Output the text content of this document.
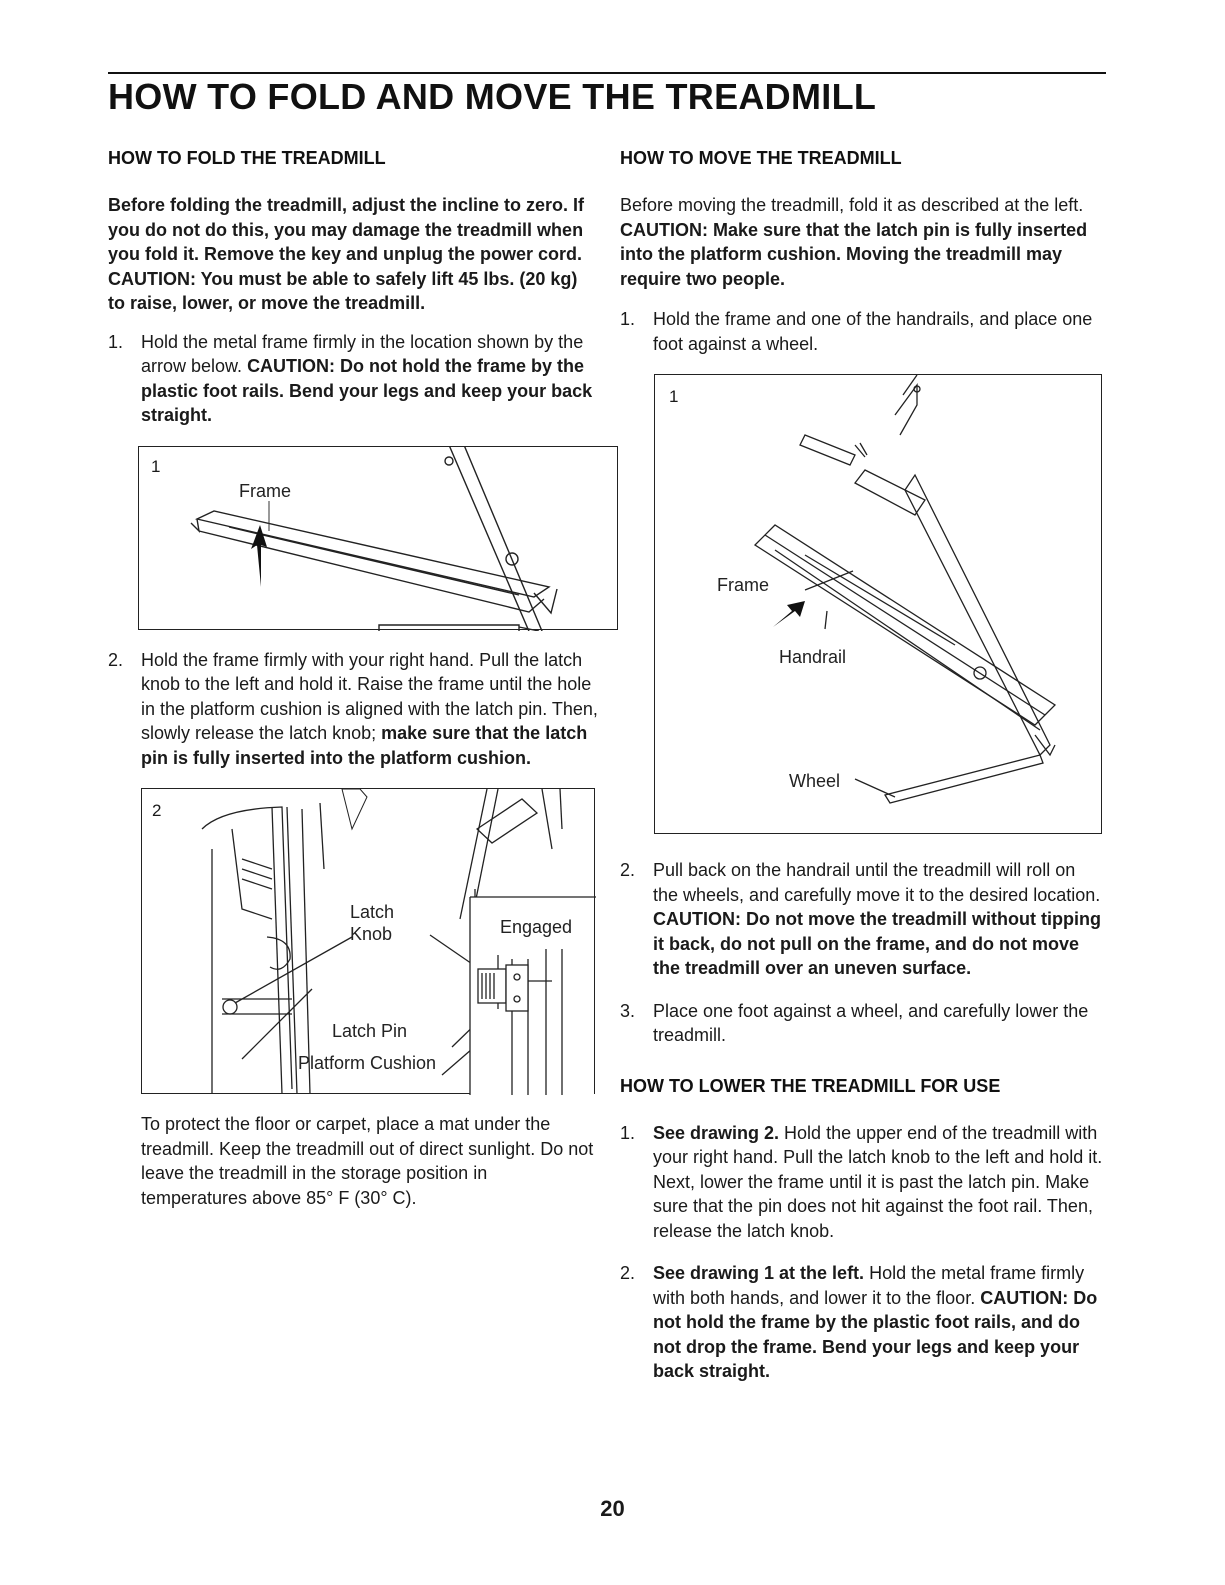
HOW TO FOLD AND MOVE THE TREADMILL
HOW TO FOLD THE TREADMILL

Before folding the treadmill, adjust the incline to zero. If you do not do this, you may damage the treadmill when you fold it. Remove the key and unplug the power cord. CAUTION: You must be able to safely lift 45 lbs. (20 kg) to raise, lower, or move the treadmill.

1. Hold the metal frame firmly in the location shown by the arrow below. CAUTION: Do not hold the frame by the plastic foot rails. Bend your legs and keep your back straight.
1
Frame
2. Hold the frame firmly with your right hand. Pull the latch knob to the left and hold it. Raise the frame until the hole in the platform cushion is aligned with the latch pin. Then, slowly release the latch knob; make sure that the latch pin is fully inserted into the platform cushion.
2
Latch
Knob	Engaged
Latch Pin
Platform Cushion

To protect the floor or carpet, place a mat under the treadmill. Keep the treadmill out of direct sunlight. Do not leave the treadmill in the storage position in temperatures above 85° F (30° C).

HOW TO MOVE THE TREADMILL

Before moving the treadmill, fold it as described at the left. CAUTION: Make sure that the latch pin is fully inserted into the platform cushion. Moving the treadmill may require two people.

1. Hold the frame and one of the handrails, and place one foot against a wheel.
1
Frame
Handrail
Wheel
2. Pull back on the handrail until the treadmill will roll on the wheels, and carefully move it to the desired location. CAUTION: Do not move the treadmill without tipping it back, do not pull on the frame, and do not move the treadmill over an uneven surface.
3. Place one foot against a wheel, and carefully lower the treadmill.
HOW TO LOWER THE TREADMILL FOR USE
1. See drawing 2. Hold the upper end of the treadmill with your right hand. Pull the latch knob to the left and hold it. Next, lower the frame until it is past the latch pin. Make sure that the pin does not hit against the foot rail. Then, release the latch knob.
2. See drawing 1 at the left. Hold the metal frame firmly with both hands, and lower it to the floor. CAUTION: Do not hold the frame by the plastic foot rails, and do not drop the frame. Bend your legs and keep your back straight.
20
